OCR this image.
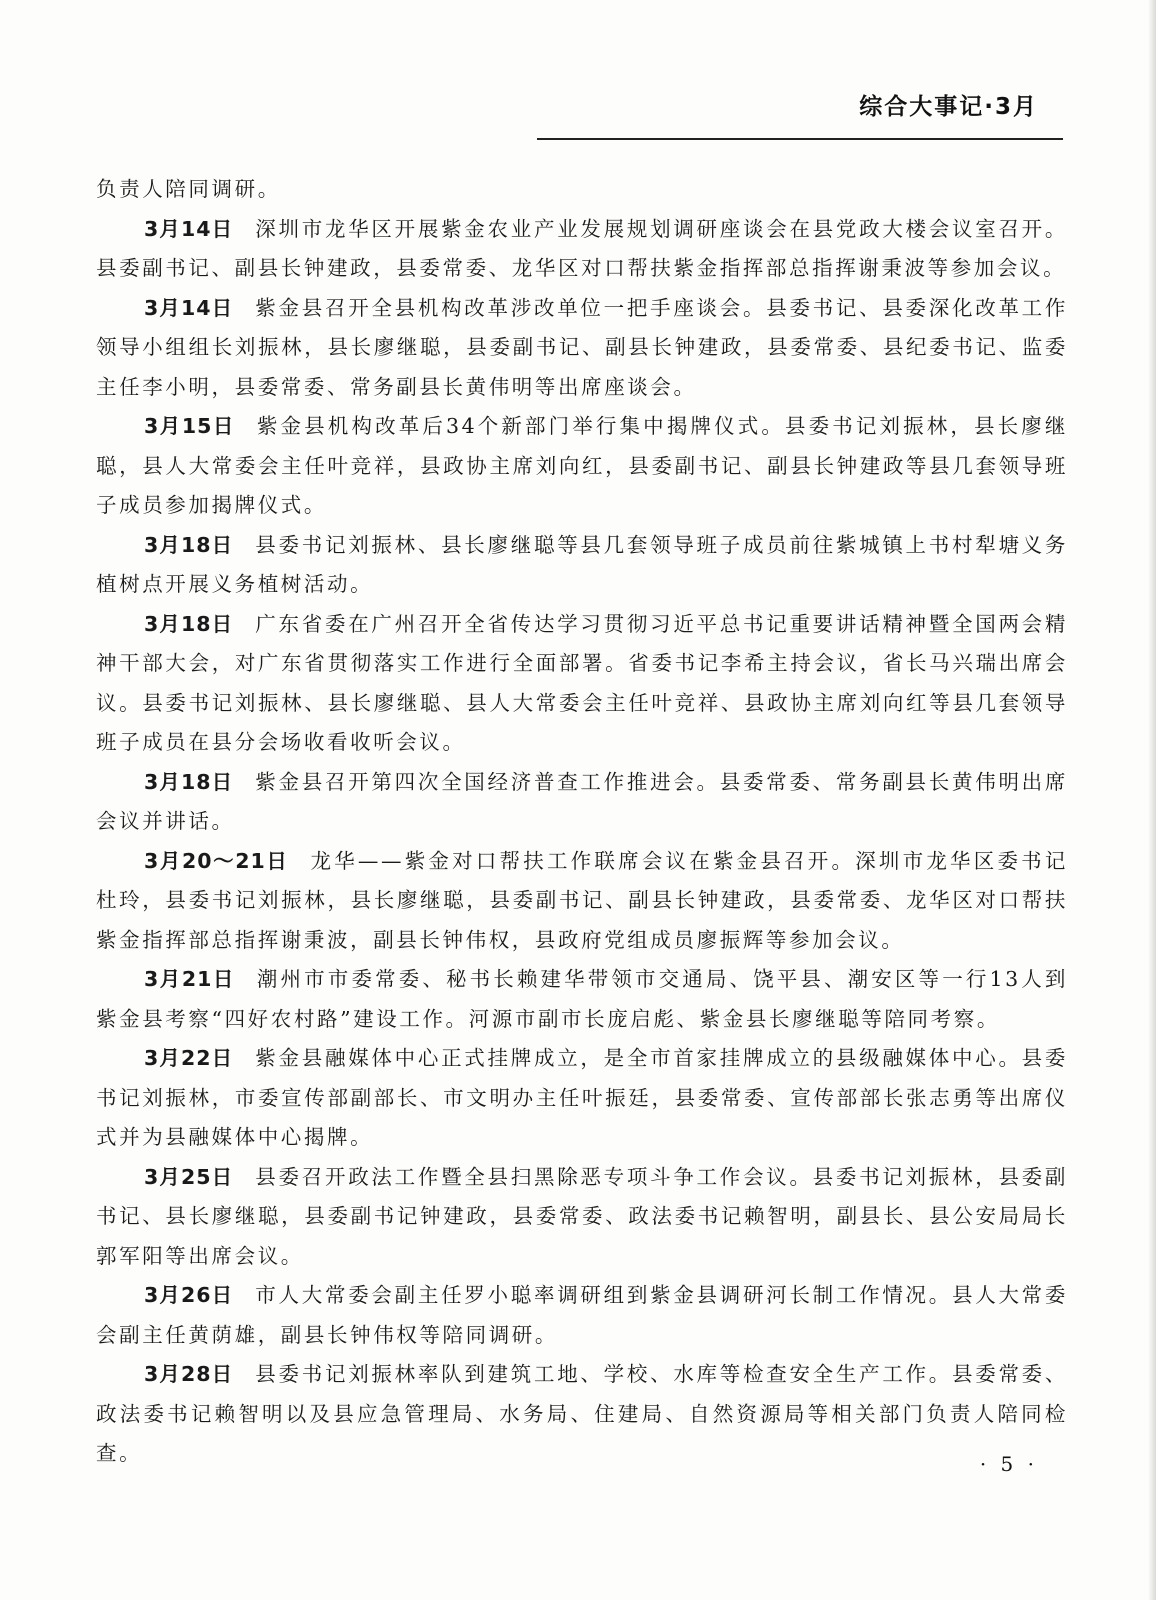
综合大事记·3月

负责人陪同调研。

3月14日 深圳市龙华区开展紫金农业产业发展规划调研座谈会在县党政大楼会议室召开。县委副书记、副县长钟建政，县委常委、龙华区对口帮扶紫金指挥部总指挥谢秉波等参加会议。

3月14日 紫金县召开全县机构改革涉改单位一把手座谈会。县委书记、县委深化改革工作领导小组组长刘振林，县长廖继聪，县委副书记、副县长钟建政，县委常委、县纪委书记、监委主任李小明，县委常委、常务副县长黄伟明等出席座谈会。

3月15日 紫金县机构改革后34个新部门举行集中揭牌仪式。县委书记刘振林，县长廖继聪，县人大常委会主任叶竞祥，县政协主席刘向红，县委副书记、副县长钟建政等县几套领导班子成员参加揭牌仪式。

3月18日 县委书记刘振林、县长廖继聪等县几套领导班子成员前往紫城镇上书村犁塘义务植树点开展义务植树活动。

3月18日 广东省委在广州召开全省传达学习贯彻习近平总书记重要讲话精神暨全国两会精神干部大会，对广东省贯彻落实工作进行全面部署。省委书记李希主持会议，省长马兴瑞出席会议。县委书记刘振林、县长廖继聪、县人大常委会主任叶竞祥、县政协主席刘向红等县几套领导班子成员在县分会场收看收听会议。

3月18日 紫金县召开第四次全国经济普查工作推进会。县委常委、常务副县长黄伟明出席会议并讲话。

3月20～21日 龙华——紫金对口帮扶工作联席会议在紫金县召开。深圳市龙华区委书记杜玲，县委书记刘振林，县长廖继聪，县委副书记、副县长钟建政，县委常委、龙华区对口帮扶紫金指挥部总指挥谢秉波，副县长钟伟权，县政府党组成员廖振辉等参加会议。

3月21日 潮州市市委常委、秘书长赖建华带领市交通局、饶平县、潮安区等一行13人到紫金县考察“四好农村路”建设工作。河源市副市长庞启彪、紫金县长廖继聪等陪同考察。

3月22日 紫金县融媒体中心正式挂牌成立，是全市首家挂牌成立的县级融媒体中心。县委书记刘振林，市委宣传部副部长、市文明办主任叶振廷，县委常委、宣传部部长张志勇等出席仪式并为县融媒体中心揭牌。

3月25日 县委召开政法工作暨全县扫黑除恶专项斗争工作会议。县委书记刘振林，县委副书记、县长廖继聪，县委副书记钟建政，县委常委、政法委书记赖智明，副县长、县公安局局长郭军阳等出席会议。

3月26日 市人大常委会副主任罗小聪率调研组到紫金县调研河长制工作情况。县人大常委会副主任黄荫雄，副县长钟伟权等陪同调研。

3月28日 县委书记刘振林率队到建筑工地、学校、水库等检查安全生产工作。县委常委、政法委书记赖智明以及县应急管理局、水务局、住建局、自然资源局等相关部门负责人陪同检查。	· 5 ·
